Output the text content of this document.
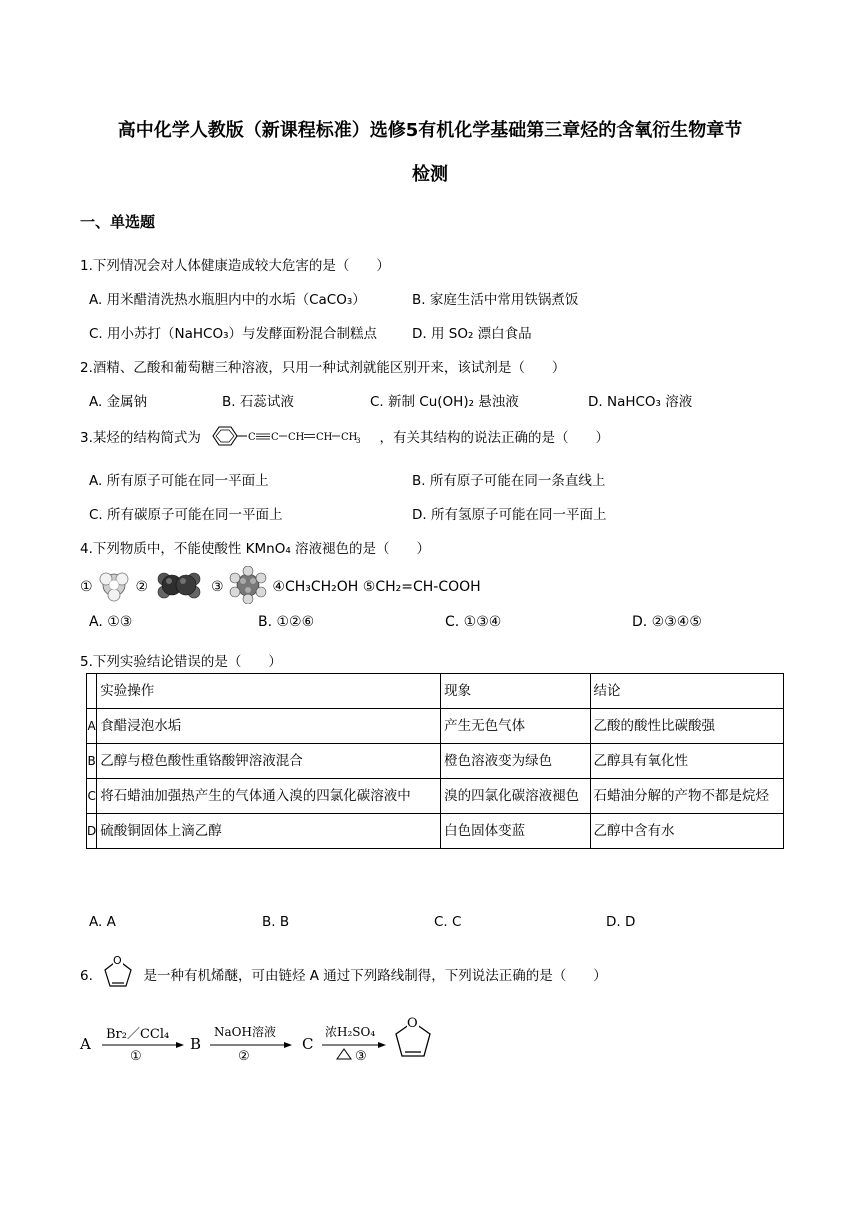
高中化学人教版（新课程标准）选修5有机化学基础第三章烃的含氧衍生物章节
检测
一、单选题
1.下列情况会对人体健康造成较大危害的是（　　）
A. 用米醋清洗热水瓶胆内中的水垢（CaCO₃）	B. 家庭生活中常用铁锅煮饭
C. 用小苏打（NaHCO₃）与发酵面粉混合制糕点	D. 用 SO₂ 漂白食品
2.酒精、乙酸和葡萄糖三种溶液，只用一种试剂就能区别开来，该试剂是（　　）
A. 金属钠	B. 石蕊试液	C. 新制 Cu(OH)₂ 悬浊液	D. NaHCO₃ 溶液
3.某烃的结构简式为	C C CH CH CH
3 ，有关其结构的说法正确的是（　　）
A. 所有原子可能在同一平面上	B. 所有原子可能在同一条直线上
C. 所有碳原子可能在同一平面上	D. 所有氢原子可能在同一平面上
4.下列物质中，不能使酸性 KMnO₄ 溶液褪色的是（　　）
①	②	③	④CH₃CH₂OH ⑤CH₂=CH-COOH
A. ①③	B. ①②⑥	C. ①③④	D. ②③④⑤
5.下列实验结论错误的是（　　）
	实验操作	现象	结论
A	食醋浸泡水垢	产生无色气体	乙酸的酸性比碳酸强
B	乙醇与橙色酸性重铬酸钾溶液混合	橙色溶液变为绿色	乙醇具有氧化性
C	将石蜡油加强热产生的气体通入溴的四氯化碳溶液中	溴的四氯化碳溶液褪色	石蜡油分解的产物不都是烷烃
D	硫酸铜固体上滴乙醇	白色固体变蓝	乙醇中含有水
A. A	B. B	C. C	D. D
6.
O
是一种有机烯醚，可由链烃 A 通过下列路线制得，下列说法正确的是（　　）
O
A	B	C
Br₂／CCl₄
①
NaOH溶液
②
浓H₂SO₄
③
